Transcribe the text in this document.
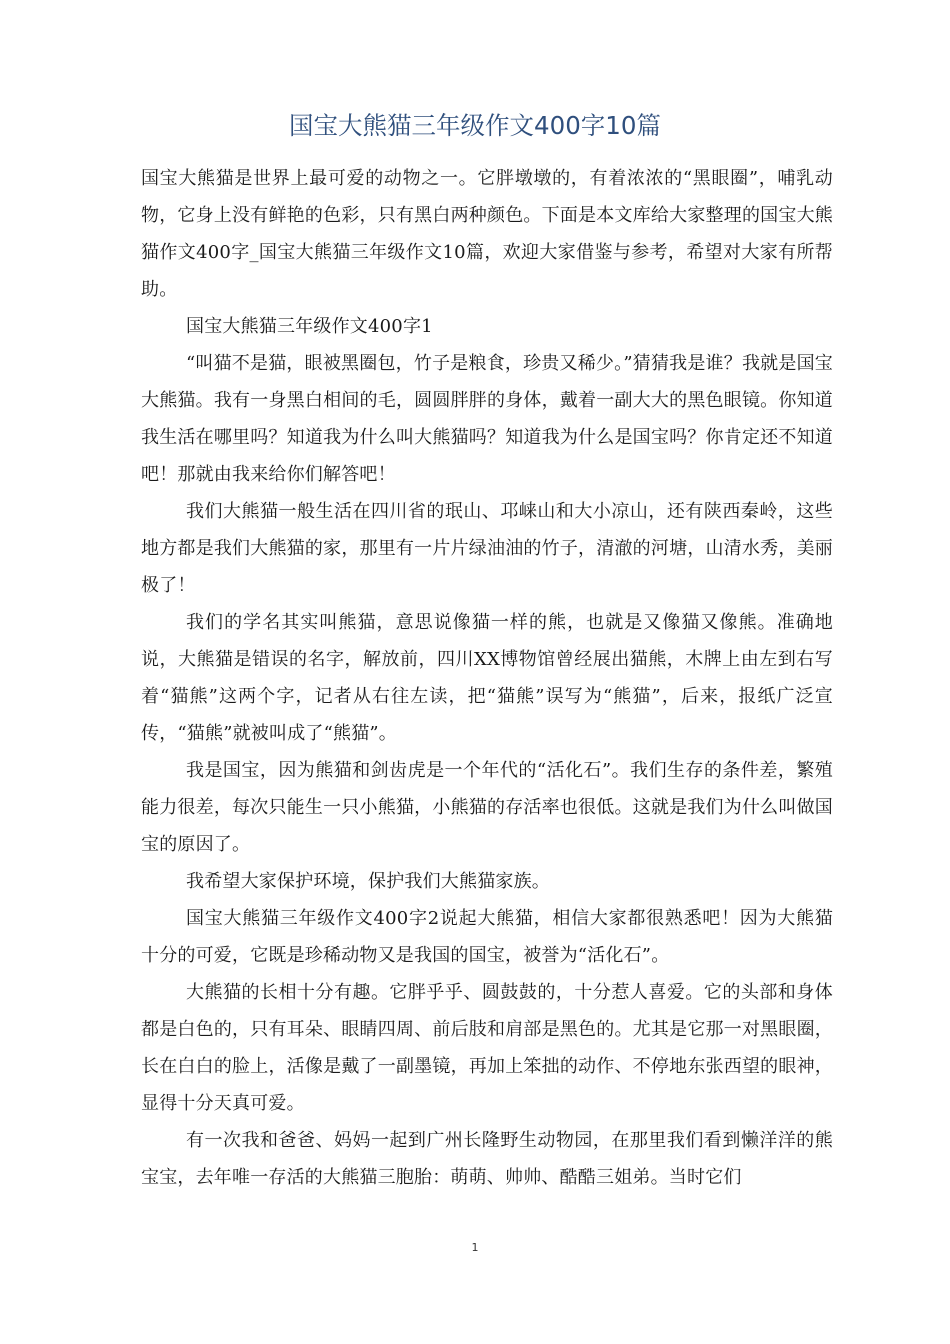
国宝大熊猫三年级作文400字10篇

国宝大熊猫是世界上最可爱的动物之一。它胖墩墩的，有着浓浓的“黑眼圈”，哺乳动物，它身上没有鲜艳的色彩，只有黑白两种颜色。下面是本文库给大家整理的国宝大熊猫作文400字_国宝大熊猫三年级作文10篇，欢迎大家借鉴与参考，希望对大家有所帮助。

国宝大熊猫三年级作文400字1

“叫猫不是猫，眼被黑圈包，竹子是粮食，珍贵又稀少。”猜猜我是谁？我就是国宝大熊猫。我有一身黑白相间的毛，圆圆胖胖的身体，戴着一副大大的黑色眼镜。你知道我生活在哪里吗？知道我为什么叫大熊猫吗？知道我为什么是国宝吗？你肯定还不知道吧！那就由我来给你们解答吧！

我们大熊猫一般生活在四川省的珉山、邛崃山和大小凉山，还有陕西秦岭，这些地方都是我们大熊猫的家，那里有一片片绿油油的竹子，清澈的河塘，山清水秀，美丽极了！

我们的学名其实叫熊猫，意思说像猫一样的熊，也就是又像猫又像熊。准确地说，大熊猫是错误的名字，解放前，四川XX博物馆曾经展出猫熊，木牌上由左到右写着“猫熊”这两个字，记者从右往左读，把“猫熊”误写为“熊猫”，后来，报纸广泛宣传，“猫熊”就被叫成了“熊猫”。

我是国宝，因为熊猫和剑齿虎是一个年代的“活化石”。我们生存的条件差，繁殖能力很差，每次只能生一只小熊猫，小熊猫的存活率也很低。这就是我们为什么叫做国宝的原因了。

我希望大家保护环境，保护我们大熊猫家族。

国宝大熊猫三年级作文400字2说起大熊猫，相信大家都很熟悉吧！因为大熊猫十分的可爱，它既是珍稀动物又是我国的国宝，被誉为“活化石”。

大熊猫的长相十分有趣。它胖乎乎、圆鼓鼓的，十分惹人喜爱。它的头部和身体都是白色的，只有耳朵、眼睛四周、前后肢和肩部是黑色的。尤其是它那一对黑眼圈，长在白白的脸上，活像是戴了一副墨镜，再加上笨拙的动作、不停地东张西望的眼神，显得十分天真可爱。

有一次我和爸爸、妈妈一起到广州长隆野生动物园，在那里我们看到懒洋洋的熊宝宝，去年唯一存活的大熊猫三胞胎：萌萌、帅帅、酷酷三姐弟。当时它们

1
